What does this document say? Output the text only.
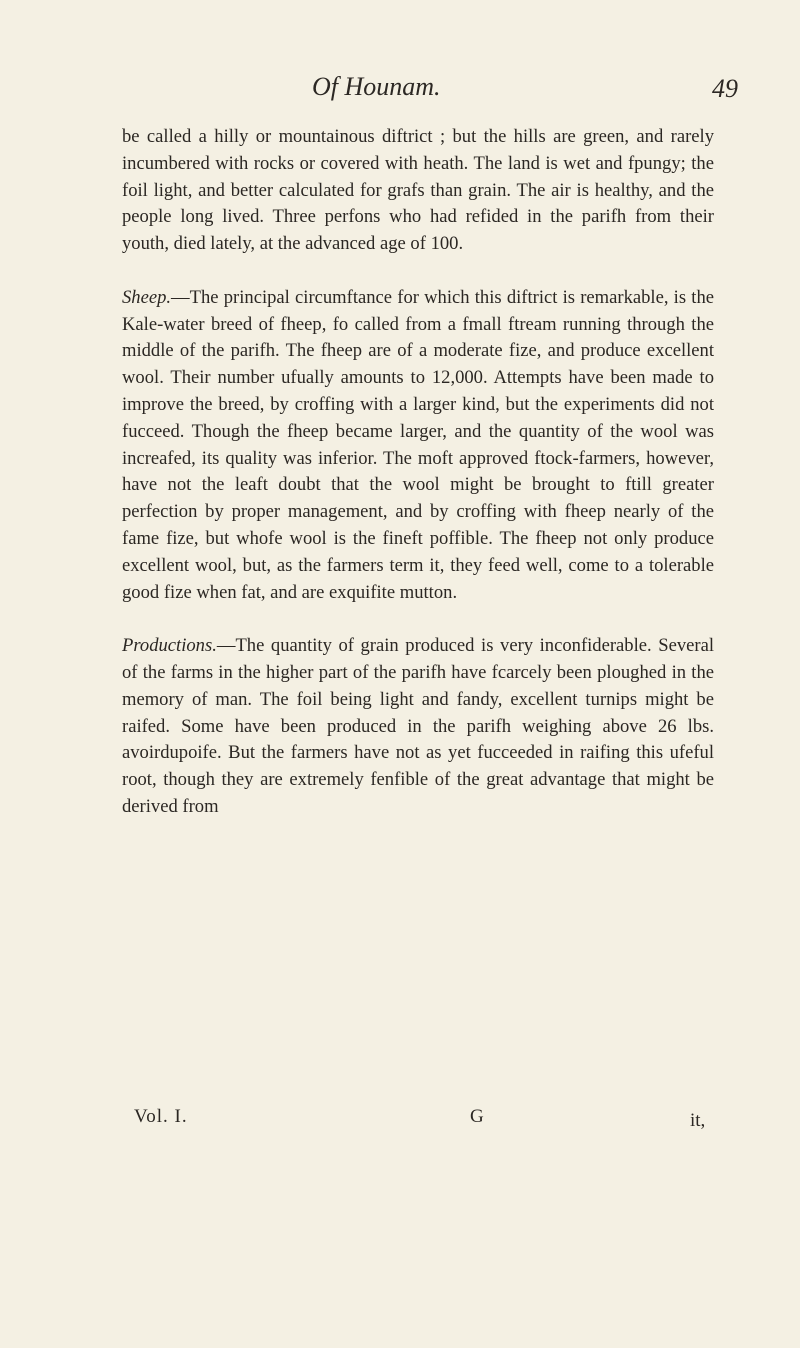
Of Hounam.	49

be called a hilly or mountainous diftrict ; but the hills are green, and rarely incumbered with rocks or covered with heath. The land is wet and fpungy; the foil light, and better calculated for grafs than grain. The air is healthy, and the people long lived. Three perfons who had refided in the parifh from their youth, died lately, at the advanced age of 100.

Sheep.—The principal circumftance for which this diftrict is remarkable, is the Kale-water breed of fheep, fo called from a fmall ftream running through the middle of the parifh. The fheep are of a moderate fize, and produce excellent wool. Their number ufually amounts to 12,000. Attempts have been made to improve the breed, by croffing with a larger kind, but the experiments did not fucceed. Though the fheep became larger, and the quantity of the wool was increafed, its quality was inferior. The moft approved ftock-farmers, however, have not the leaft doubt that the wool might be brought to ftill greater perfection by proper management, and by croffing with fheep nearly of the fame fize, but whofe wool is the fineft poffible. The fheep not only produce excellent wool, but, as the farmers term it, they feed well, come to a tolerable good fize when fat, and are exquifite mutton.

Productions.—The quantity of grain produced is very inconfiderable. Several of the farms in the higher part of the parifh have fcarcely been ploughed in the memory of man. The foil being light and fandy, excellent turnips might be raifed. Some have been produced in the parifh weighing above 26 lbs. avoirdupoife. But the farmers have not as yet fucceeded in raifing this ufeful root, though they are extremely fenfible of the great advantage that might be derived from

Vol. I.	G	it,
